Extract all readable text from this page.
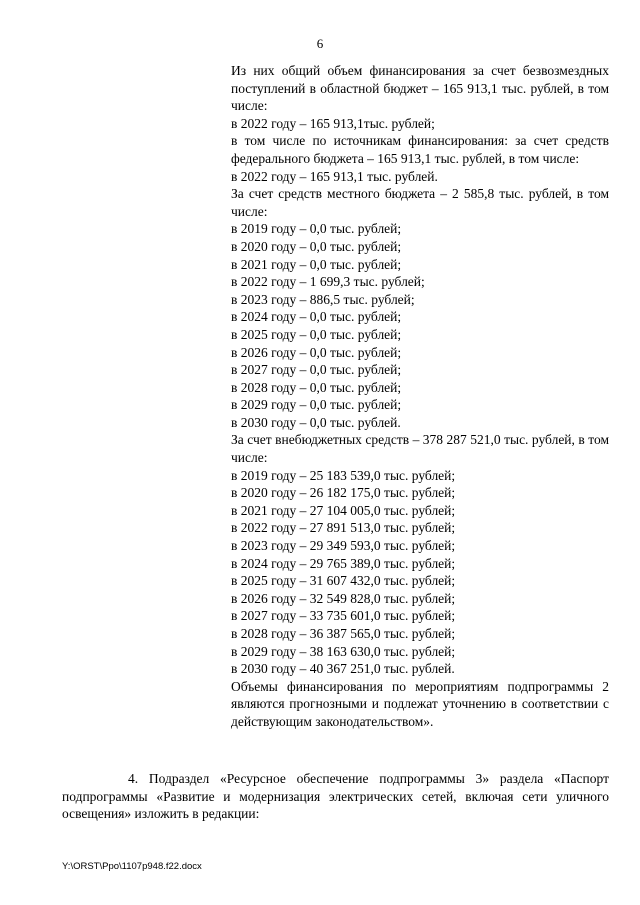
6

Из них общий объем финансирования за счет безвозмездных поступлений в областной бюджет – 165 913,1 тыс. рублей, в том числе:

в 2022 году – 165 913,1тыс. рублей;

в том числе по источникам финансирования: за счет средств федерального бюджета – 165 913,1 тыс. рублей, в том числе:

в 2022 году – 165 913,1 тыс. рублей.

За счет средств местного бюджета – 2 585,8 тыс. рублей, в том числе:

в 2019 году – 0,0 тыс. рублей;

в 2020 году – 0,0 тыс. рублей;

в 2021 году – 0,0 тыс. рублей;

в 2022 году – 1 699,3 тыс. рублей;

в 2023 году – 886,5 тыс. рублей;

в 2024 году – 0,0 тыс. рублей;

в 2025 году – 0,0 тыс. рублей;

в 2026 году – 0,0 тыс. рублей;

в 2027 году – 0,0 тыс. рублей;

в 2028 году – 0,0 тыс. рублей;

в 2029 году – 0,0 тыс. рублей;

в 2030 году – 0,0 тыс. рублей.

За счет внебюджетных средств – 378 287 521,0 тыс. рублей, в том числе:

в 2019 году – 25 183 539,0 тыс. рублей;

в 2020 году – 26 182 175,0 тыс. рублей;

в 2021 году – 27 104 005,0 тыс. рублей;

в 2022 году – 27 891 513,0 тыс. рублей;

в 2023 году – 29 349 593,0 тыс. рублей;

в 2024 году – 29 765 389,0 тыс. рублей;

в 2025 году – 31 607 432,0 тыс. рублей;

в 2026 году – 32 549 828,0 тыс. рублей;

в 2027 году – 33 735 601,0 тыс. рублей;

в 2028 году – 36 387 565,0 тыс. рублей;

в 2029 году – 38 163 630,0 тыс. рублей;

в 2030 году – 40 367 251,0 тыс. рублей.

Объемы финансирования по мероприятиям подпрограммы 2 являются прогнозными и подлежат уточнению в соответствии с действующим законодательством».

4. Подраздел «Ресурсное обеспечение подпрограммы 3» раздела «Паспорт подпрограммы «Развитие и модернизация электрических сетей, включая сети уличного освещения» изложить в редакции:

Y:\ORST\Ppo\1107p948.f22.docx
